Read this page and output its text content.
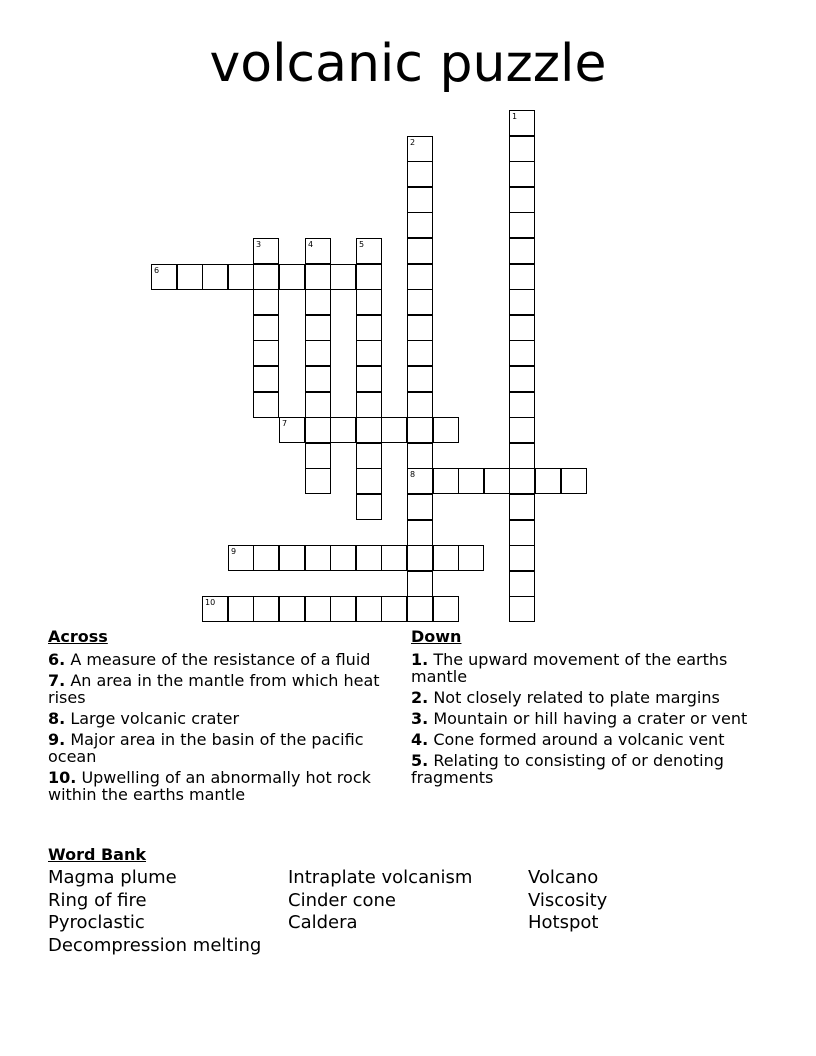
volcanic puzzle
6
7
8
9
10
1
2
3	4	5
Across
6. A measure of the resistance of a fluid
7. An area in the mantle from which heat rises
8. Large volcanic crater
9. Major area in the basin of the pacific ocean
10. Upwelling of an abnormally hot rock within the earths mantle
Down
1. The upward movement of the earths mantle
2. Not closely related to plate margins
3. Mountain or hill having a crater or vent
4. Cone formed around a volcanic vent
5. Relating to consisting of or denoting fragments
Word Bank
Magma plume	Intraplate volcanism	Volcano
Ring of fire	Cinder cone	Viscosity
Pyroclastic	Caldera	Hotspot
Decompression melting
